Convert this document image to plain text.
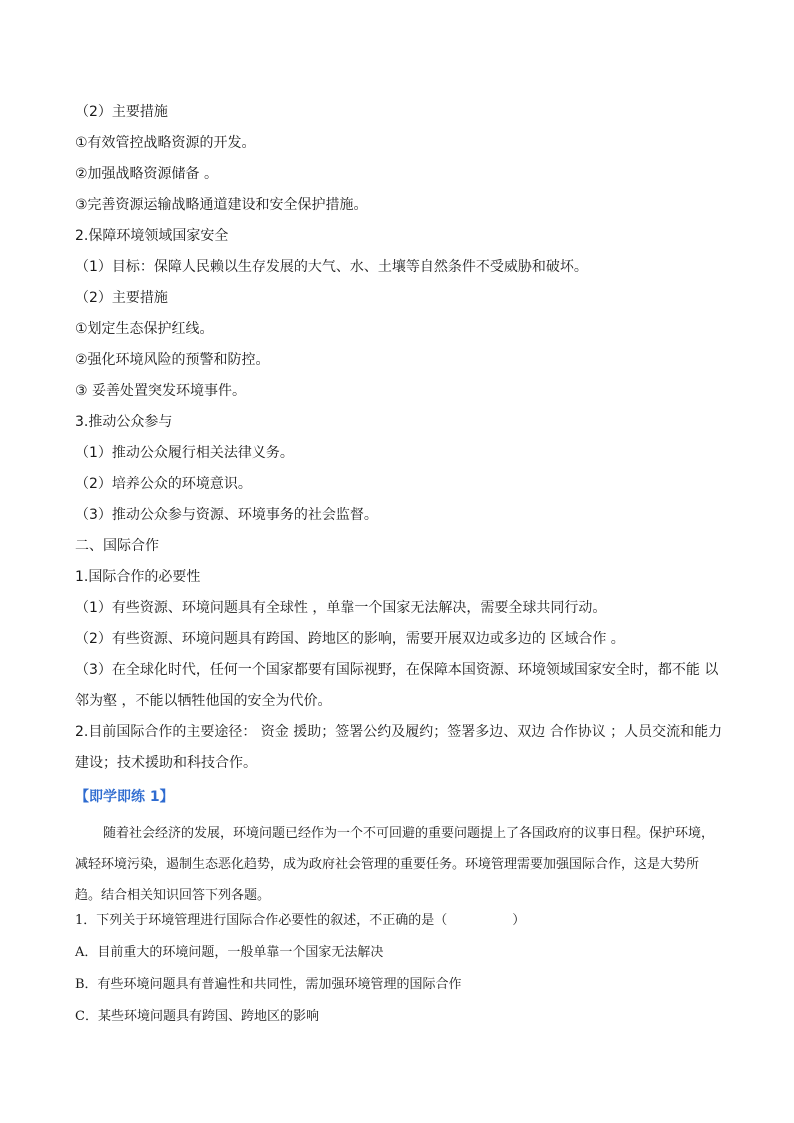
（2）主要措施
①有效管控战略资源的开发。
②加强战略资源储备 。
③完善资源运输战略通道建设和安全保护措施。
2.保障环境领域国家安全
（1）目标：保障人民赖以生存发展的大气、水、土壤等自然条件不受威胁和破坏。
（2）主要措施
①划定生态保护红线。
②强化环境风险的预警和防控。
③ 妥善处置突发环境事件。
3.推动公众参与
（1）推动公众履行相关法律义务。
（2）培养公众的环境意识。
（3）推动公众参与资源、环境事务的社会监督。
二、国际合作
1.国际合作的必要性
（1）有些资源、环境问题具有全球性 ，单靠一个国家无法解决，需要全球共同行动。
（2）有些资源、环境问题具有跨国、跨地区的影响，需要开展双边或多边的 区域合作 。
（3）在全球化时代，任何一个国家都要有国际视野，在保障本国资源、环境领域国家安全时，都不能 以邻为壑 ，不能以牺牲他国的安全为代价。
2.目前国际合作的主要途径： 资金 援助；签署公约及履约；签署多边、双边 合作协议 ；人员交流和能力建设；技术援助和科技合作。
【即学即练 1】
随着社会经济的发展，环境问题已经作为一个不可回避的重要问题提上了各国政府的议事日程。保护环境，减轻环境污染，遏制生态恶化趋势，成为政府社会管理的重要任务。环境管理需要加强国际合作，这是大势所趋。结合相关知识回答下列各题。
1．下列关于环境管理进行国际合作必要性的叙述，不正确的是（　　　　　）
A．目前重大的环境问题，一般单靠一个国家无法解决
B．有些环境问题具有普遍性和共同性，需加强环境管理的国际合作
C．某些环境问题具有跨国、跨地区的影响
